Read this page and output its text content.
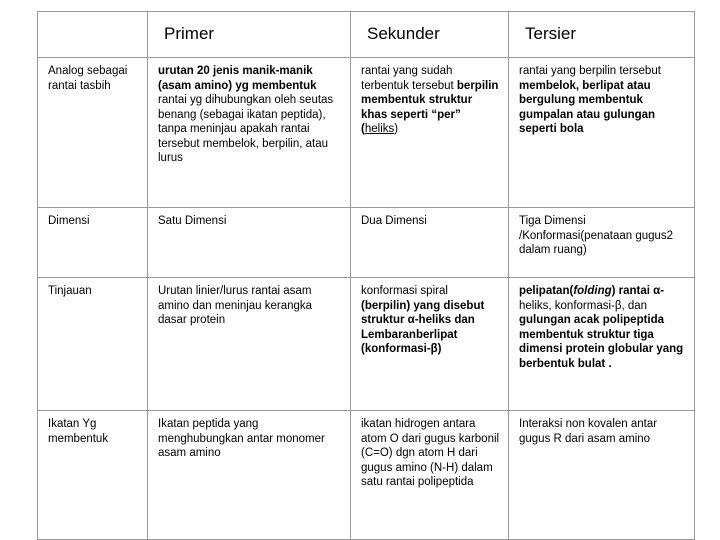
	Primer	Sekunder	Tersier
Analog sebagai rantai tasbih	urutan 20 jenis manik-manik (asam amino) yg membentuk rantai yg dihubungkan oleh seutas benang (sebagai ikatan peptida), tanpa meninjau apakah rantai tersebut membelok, berpilin, atau lurus	rantai yang sudah terbentuk tersebut berpilin membentuk struktur khas seperti “per” (heliks)	rantai yang berpilin tersebut membelok, berlipat atau bergulung membentuk gumpalan atau gulungan seperti bola
Dimensi	Satu Dimensi	Dua Dimensi	Tiga Dimensi /Konformasi(penataan gugus2 dalam ruang)
Tinjauan	Urutan linier/lurus rantai asam amino dan meninjau kerangka dasar protein	konformasi spiral (berpilin) yang disebut struktur α-heliks dan Lembaranberlipat (konformasi-β)	pelipatan(folding) rantai α- heliks, konformasi-β, dan gulungan acak polipeptida membentuk struktur tiga dimensi protein globular yang berbentuk bulat .
Ikatan Yg membentuk	Ikatan peptida yang menghubungkan antar monomer asam amino	ikatan hidrogen antara atom O dari gugus karbonil (C=O) dgn atom H dari gugus amino (N-H) dalam satu rantai polipeptida	Interaksi non kovalen antar gugus R dari asam amino
